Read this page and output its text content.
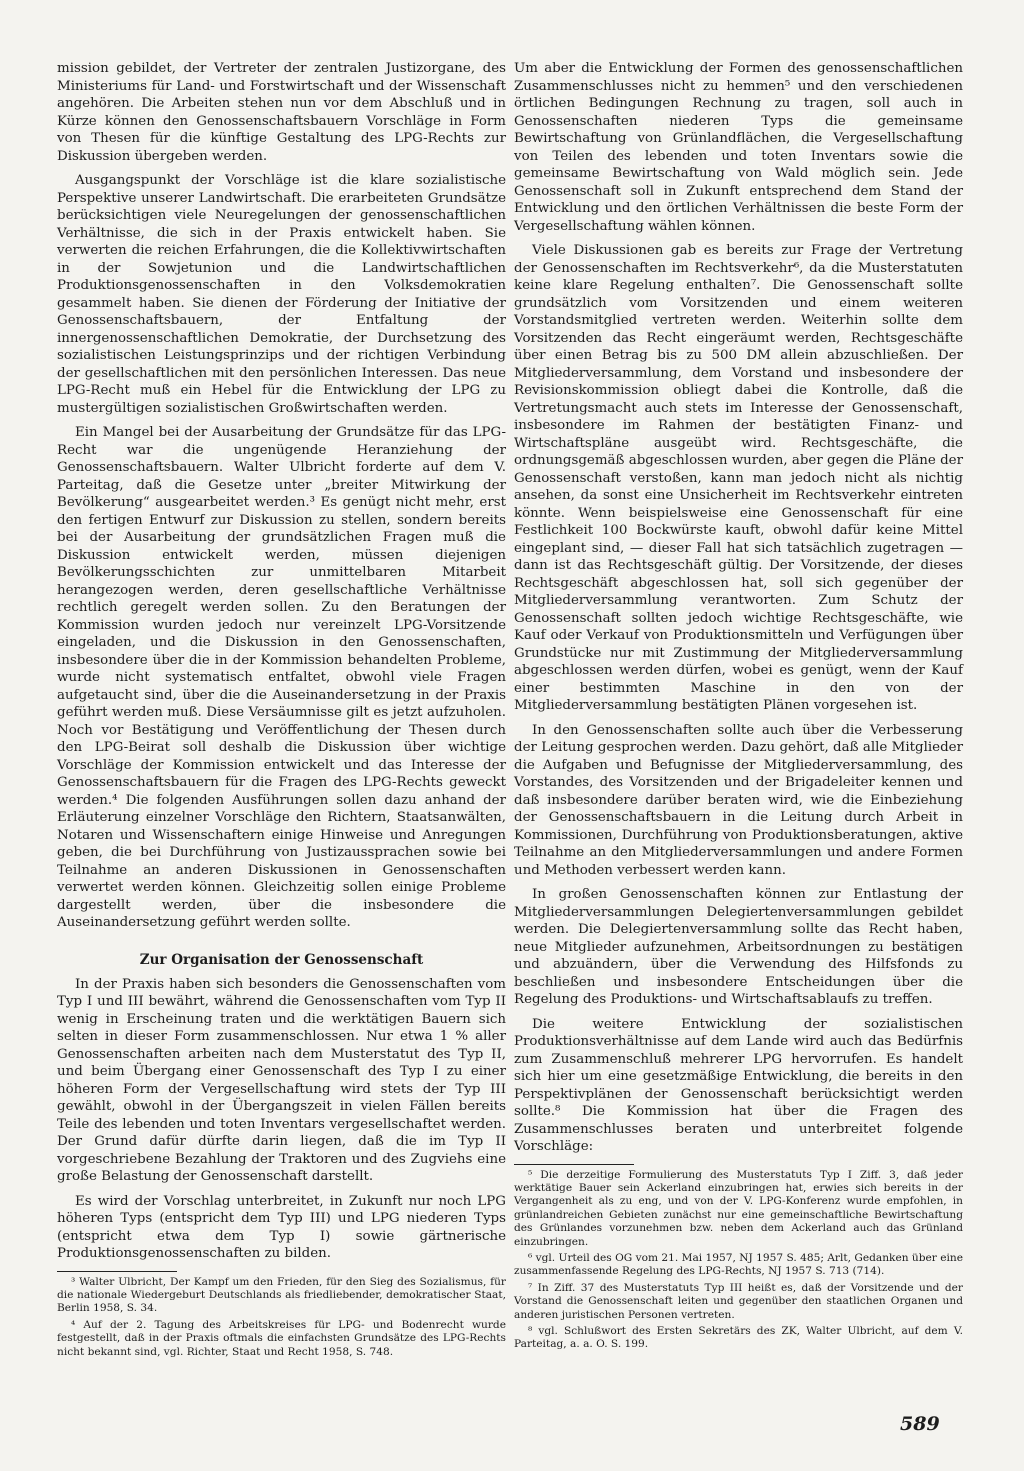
mission gebildet, der Vertreter der zentralen Justizorgane, des Ministeriums für Land- und Forstwirtschaft und der Wissenschaft angehören. Die Arbeiten stehen nun vor dem Abschluß und in Kürze können den Genossenschaftsbauern Vorschläge in Form von Thesen für die künftige Gestaltung des LPG-Rechts zur Diskussion übergeben werden.

Ausgangspunkt der Vorschläge ist die klare sozialistische Perspektive unserer Landwirtschaft. Die erarbeiteten Grundsätze berücksichtigen viele Neuregelungen der genossenschaftlichen Verhältnisse, die sich in der Praxis entwickelt haben. Sie verwerten die reichen Erfahrungen, die die Kollektivwirtschaften in der Sowjetunion und die Landwirtschaftlichen Produktionsgenossenschaften in den Volksdemokratien gesammelt haben. Sie dienen der Förderung der Initiative der Genossenschaftsbauern, der Entfaltung der innergenossenschaftlichen Demokratie, der Durchsetzung des sozialistischen Leistungsprinzips und der richtigen Verbindung der gesellschaftlichen mit den persönlichen Interessen. Das neue LPG-Recht muß ein Hebel für die Entwicklung der LPG zu mustergültigen sozialistischen Großwirtschaften werden.

Ein Mangel bei der Ausarbeitung der Grundsätze für das LPG-Recht war die ungenügende Heranziehung der Genossenschaftsbauern. Walter Ulbricht forderte auf dem V. Parteitag, daß die Gesetze unter „breiter Mitwirkung der Bevölkerung“ ausgearbeitet werden.³ Es genügt nicht mehr, erst den fertigen Entwurf zur Diskussion zu stellen, sondern bereits bei der Ausarbeitung der grundsätzlichen Fragen muß die Diskussion entwickelt werden, müssen diejenigen Bevölkerungsschichten zur unmittelbaren Mitarbeit herangezogen werden, deren gesellschaftliche Verhältnisse rechtlich geregelt werden sollen. Zu den Beratungen der Kommission wurden jedoch nur vereinzelt LPG-Vorsitzende eingeladen, und die Diskussion in den Genossenschaften, insbesondere über die in der Kommission behandelten Probleme, wurde nicht systematisch entfaltet, obwohl viele Fragen aufgetaucht sind, über die die Auseinandersetzung in der Praxis geführt werden muß. Diese Versäumnisse gilt es jetzt aufzuholen. Noch vor Bestätigung und Veröffentlichung der Thesen durch den LPG-Beirat soll deshalb die Diskussion über wichtige Vorschläge der Kommission entwickelt und das Interesse der Genossenschaftsbauern für die Fragen des LPG-Rechts geweckt werden.⁴ Die folgenden Ausführungen sollen dazu anhand der Erläuterung einzelner Vorschläge den Richtern, Staatsanwälten, Notaren und Wissenschaftern einige Hinweise und Anregungen geben, die bei Durchführung von Justizaussprachen sowie bei Teilnahme an anderen Diskussionen in Genossenschaften verwertet werden können. Gleichzeitig sollen einige Probleme dargestellt werden, über die insbesondere die Auseinandersetzung geführt werden sollte.

Zur Organisation der Genossenschaft

In der Praxis haben sich besonders die Genossenschaften vom Typ I und III bewährt, während die Genossenschaften vom Typ II wenig in Erscheinung traten und die werktätigen Bauern sich selten in dieser Form zusammenschlossen. Nur etwa 1 % aller Genossenschaften arbeiten nach dem Musterstatut des Typ II, und beim Übergang einer Genossenschaft des Typ I zu einer höheren Form der Vergesellschaftung wird stets der Typ III gewählt, obwohl in der Übergangszeit in vielen Fällen bereits Teile des lebenden und toten Inventars vergesellschaftet werden. Der Grund dafür dürfte darin liegen, daß die im Typ II vorgeschriebene Bezahlung der Traktoren und des Zugviehs eine große Belastung der Genossenschaft darstellt.

Es wird der Vorschlag unterbreitet, in Zukunft nur noch LPG höheren Typs (entspricht dem Typ III) und LPG niederen Typs (entspricht etwa dem Typ I) sowie gärtnerische Produktionsgenossenschaften zu bilden.

³ Walter Ulbricht, Der Kampf um den Frieden, für den Sieg des Sozialismus, für die nationale Wiedergeburt Deutschlands als friedliebender, demokratischer Staat, Berlin 1958, S. 34.

⁴ Auf der 2. Tagung des Arbeitskreises für LPG- und Bodenrecht wurde festgestellt, daß in der Praxis oftmals die einfachsten Grundsätze des LPG-Rechts nicht bekannt sind, vgl. Richter, Staat und Recht 1958, S. 748.

Um aber die Entwicklung der Formen des genossenschaftlichen Zusammenschlusses nicht zu hemmen⁵ und den verschiedenen örtlichen Bedingungen Rechnung zu tragen, soll auch in Genossenschaften niederen Typs die gemeinsame Bewirtschaftung von Grünlandflächen, die Vergesellschaftung von Teilen des lebenden und toten Inventars sowie die gemeinsame Bewirtschaftung von Wald möglich sein. Jede Genossenschaft soll in Zukunft entsprechend dem Stand der Entwicklung und den örtlichen Verhältnissen die beste Form der Vergesellschaftung wählen können.

Viele Diskussionen gab es bereits zur Frage der Vertretung der Genossenschaften im Rechtsverkehr⁶, da die Musterstatuten keine klare Regelung enthalten⁷. Die Genossenschaft sollte grundsätzlich vom Vorsitzenden und einem weiteren Vorstandsmitglied vertreten werden. Weiterhin sollte dem Vorsitzenden das Recht eingeräumt werden, Rechtsgeschäfte über einen Betrag bis zu 500 DM allein abzuschließen. Der Mitgliederversammlung, dem Vorstand und insbesondere der Revisionskommission obliegt dabei die Kontrolle, daß die Vertretungsmacht auch stets im Interesse der Genossenschaft, insbesondere im Rahmen der bestätigten Finanz- und Wirtschaftspläne ausgeübt wird. Rechtsgeschäfte, die ordnungsgemäß abgeschlossen wurden, aber gegen die Pläne der Genossenschaft verstoßen, kann man jedoch nicht als nichtig ansehen, da sonst eine Unsicherheit im Rechtsverkehr eintreten könnte. Wenn beispielsweise eine Genossenschaft für eine Festlichkeit 100 Bockwürste kauft, obwohl dafür keine Mittel eingeplant sind, — dieser Fall hat sich tatsächlich zugetragen — dann ist das Rechtsgeschäft gültig. Der Vorsitzende, der dieses Rechtsgeschäft abgeschlossen hat, soll sich gegenüber der Mitgliederversammlung verantworten. Zum Schutz der Genossenschaft sollten jedoch wichtige Rechtsgeschäfte, wie Kauf oder Verkauf von Produktionsmitteln und Verfügungen über Grundstücke nur mit Zustimmung der Mitgliederversammlung abgeschlossen werden dürfen, wobei es genügt, wenn der Kauf einer bestimmten Maschine in den von der Mitgliederversammlung bestätigten Plänen vorgesehen ist.

In den Genossenschaften sollte auch über die Verbesserung der Leitung gesprochen werden. Dazu gehört, daß alle Mitglieder die Aufgaben und Befugnisse der Mitgliederversammlung, des Vorstandes, des Vorsitzenden und der Brigadeleiter kennen und daß insbesondere darüber beraten wird, wie die Einbeziehung der Genossenschaftsbauern in die Leitung durch Arbeit in Kommissionen, Durchführung von Produktionsberatungen, aktive Teilnahme an den Mitgliederversammlungen und andere Formen und Methoden verbessert werden kann.

In großen Genossenschaften können zur Entlastung der Mitgliederversammlungen Delegiertenversammlungen gebildet werden. Die Delegiertenversammlung sollte das Recht haben, neue Mitglieder aufzunehmen, Arbeitsordnungen zu bestätigen und abzuändern, über die Verwendung des Hilfsfonds zu beschließen und insbesondere Entscheidungen über die Regelung des Produktions- und Wirtschaftsablaufs zu treffen.

Die weitere Entwicklung der sozialistischen Produktionsverhältnisse auf dem Lande wird auch das Bedürfnis zum Zusammenschluß mehrerer LPG hervorrufen. Es handelt sich hier um eine gesetzmäßige Entwicklung, die bereits in den Perspektivplänen der Genossenschaft berücksichtigt werden sollte.⁸ Die Kommission hat über die Fragen des Zusammenschlusses beraten und unterbreitet folgende Vorschläge:

⁵ Die derzeitige Formulierung des Musterstatuts Typ I Ziff. 3, daß jeder werktätige Bauer sein Ackerland einzubringen hat, erwies sich bereits in der Vergangenheit als zu eng, und von der V. LPG-Konferenz wurde empfohlen, in grünlandreichen Gebieten zunächst nur eine gemeinschaftliche Bewirtschaftung des Grünlandes vorzunehmen bzw. neben dem Ackerland auch das Grünland einzubringen.

⁶ vgl. Urteil des OG vom 21. Mai 1957, NJ 1957 S. 485; Arlt, Gedanken über eine zusammenfassende Regelung des LPG-Rechts, NJ 1957 S. 713 (714).

⁷ In Ziff. 37 des Musterstatuts Typ III heißt es, daß der Vorsitzende und der Vorstand die Genossenschaft leiten und gegenüber den staatlichen Organen und anderen juristischen Personen vertreten.

⁸ vgl. Schlußwort des Ersten Sekretärs des ZK, Walter Ulbricht, auf dem V. Parteitag, a. a. O. S. 199.

589
